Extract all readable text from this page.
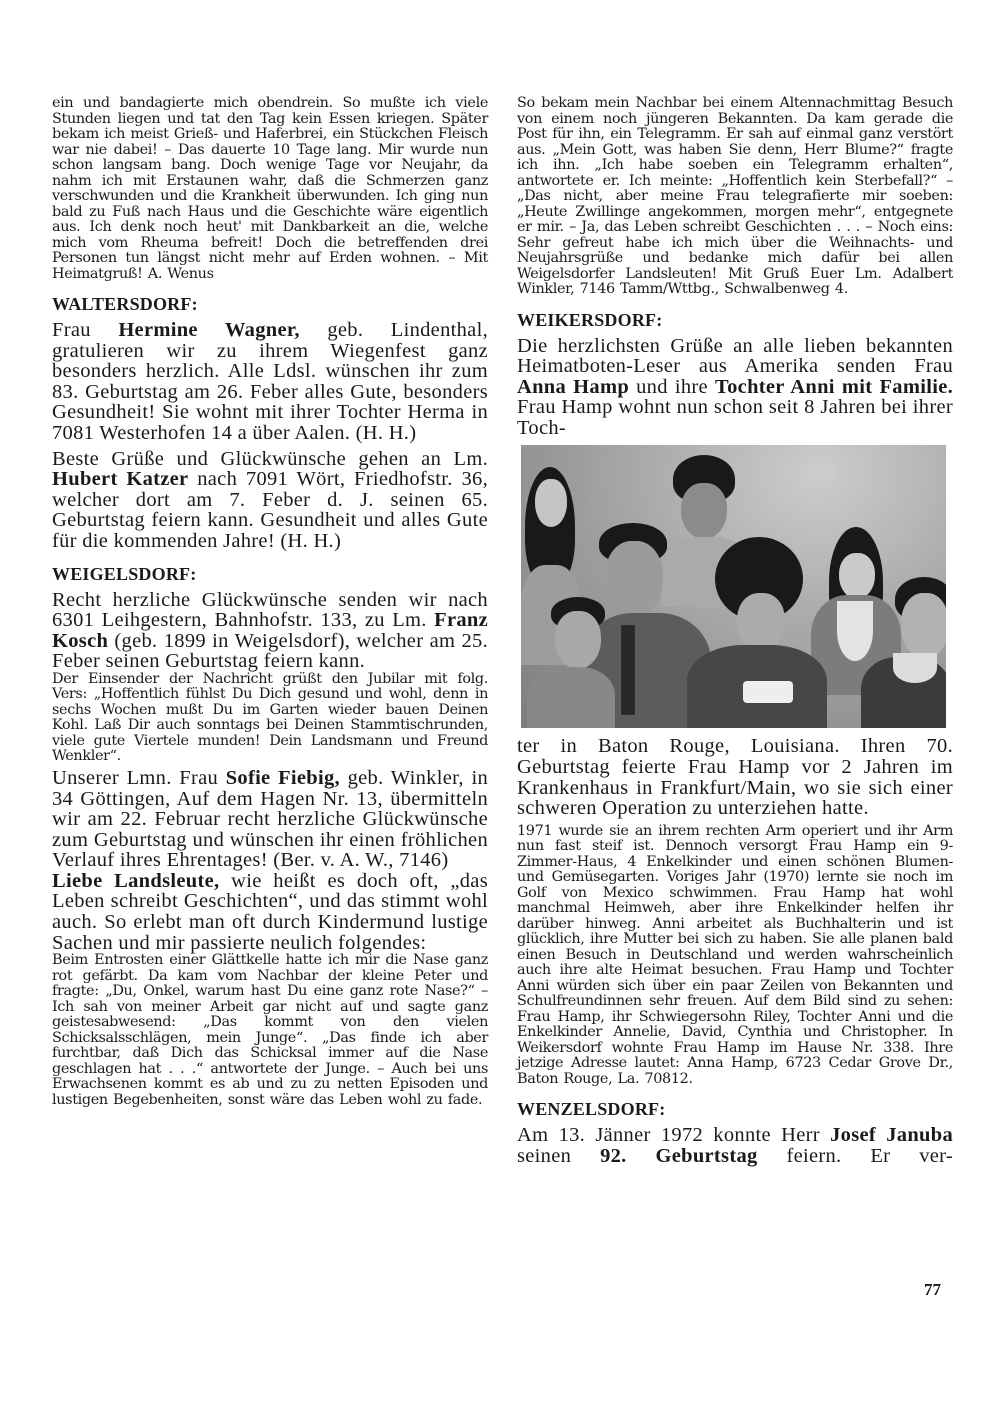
ein und bandagierte mich obendrein. So mußte ich viele Stunden liegen und tat den Tag kein Essen kriegen. Später bekam ich meist Grieß- und Haferbrei, ein Stückchen Fleisch war nie dabei! – Das dauerte 10 Tage lang. Mir wurde nun schon langsam bang. Doch wenige Tage vor Neujahr, da nahm ich mit Erstaunen wahr, daß die Schmerzen ganz verschwunden und die Krankheit überwunden. Ich ging nun bald zu Fuß nach Haus und die Geschichte wäre eigentlich aus. Ich denk noch heut' mit Dankbarkeit an die, welche mich vom Rheuma befreit! Doch die betreffenden drei Personen tun längst nicht mehr auf Erden wohnen. – Mit Heimatgruß! A. Wenus

WALTERSDORF:

Frau Hermine Wagner, geb. Lindenthal, gratulieren wir zu ihrem Wiegenfest ganz besonders herzlich. Alle Ldsl. wünschen ihr zum 83. Geburtstag am 26. Feber alles Gute, besonders Gesundheit! Sie wohnt mit ihrer Tochter Herma in 7081 Westerhofen 14 a über Aalen. (H. H.)

Beste Grüße und Glückwünsche gehen an Lm. Hubert Katzer nach 7091 Wört, Friedhofstr. 36, welcher dort am 7. Feber d. J. seinen 65. Geburtstag feiern kann. Gesundheit und alles Gute für die kommenden Jahre! (H. H.)

WEIGELSDORF:

Recht herzliche Glückwünsche senden wir nach 6301 Leihgestern, Bahnhofstr. 133, zu Lm. Franz Kosch (geb. 1899 in Weigelsdorf), welcher am 25. Feber seinen Geburtstag feiern kann.

Der Einsender der Nachricht grüßt den Jubilar mit folg. Vers: „Hoffentlich fühlst Du Dich gesund und wohl, denn in sechs Wochen mußt Du im Garten wieder bauen Deinen Kohl. Laß Dir auch sonntags bei Deinen Stammtischrunden, viele gute Viertele munden! Dein Landsmann und Freund Wenkler“.

Unserer Lmn. Frau Sofie Fiebig, geb. Winkler, in 34 Göttingen, Auf dem Hagen Nr. 13, übermitteln wir am 22. Februar recht herzliche Glückwünsche zum Geburtstag und wünschen ihr einen fröhlichen Verlauf ihres Ehrentages! (Ber. v. A. W., 7146)

Liebe Landsleute, wie heißt es doch oft, „das Leben schreibt Geschichten“, und das stimmt wohl auch. So erlebt man oft durch Kindermund lustige Sachen und mir passierte neulich folgendes:

Beim Entrosten einer Glättkelle hatte ich mir die Nase ganz rot gefärbt. Da kam vom Nachbar der kleine Peter und fragte: „Du, Onkel, warum hast Du eine ganz rote Nase?“ – Ich sah von meiner Arbeit gar nicht auf und sagte ganz geistesabwesend: „Das kommt von den vielen Schicksalsschlägen, mein Junge“. „Das finde ich aber furchtbar, daß Dich das Schicksal immer auf die Nase geschlagen hat . . .“ antwortete der Junge. – Auch bei uns Erwachsenen kommt es ab und zu zu netten Episoden und lustigen Begebenheiten, sonst wäre das Leben wohl zu fade.

So bekam mein Nachbar bei einem Altennachmittag Besuch von einem noch jüngeren Bekannten. Da kam gerade die Post für ihn, ein Telegramm. Er sah auf einmal ganz verstört aus. „Mein Gott, was haben Sie denn, Herr Blume?“ fragte ich ihn. „Ich habe soeben ein Telegramm erhalten“, antwortete er. Ich meinte: „Hoffentlich kein Sterbefall?“ – „Das nicht, aber meine Frau telegrafierte mir soeben: „Heute Zwillinge angekommen, morgen mehr“, entgegnete er mir. – Ja, das Leben schreibt Geschichten . . . – Noch eins: Sehr gefreut habe ich mich über die Weihnachts- und Neujahrsgrüße und bedanke mich dafür bei allen Weigelsdorfer Landsleuten! Mit Gruß Euer Lm. Adalbert Winkler, 7146 Tamm/Wttbg., Schwalbenweg 4.

WEIKERSDORF:

Die herzlichsten Grüße an alle lieben bekannten Heimatboten-Leser aus Amerika senden Frau Anna Hamp und ihre Tochter Anni mit Familie. Frau Hamp wohnt nun schon seit 8 Jahren bei ihrer Toch-

ter in Baton Rouge, Louisiana. Ihren 70. Geburtstag feierte Frau Hamp vor 2 Jahren im Krankenhaus in Frankfurt/Main, wo sie sich einer schweren Operation zu unterziehen hatte.

1971 wurde sie an ihrem rechten Arm operiert und ihr Arm nun fast steif ist. Dennoch versorgt Frau Hamp ein 9-Zimmer-Haus, 4 Enkelkinder und einen schönen Blumen- und Gemüsegarten. Voriges Jahr (1970) lernte sie noch im Golf von Mexico schwimmen. Frau Hamp hat wohl manchmal Heimweh, aber ihre Enkelkinder helfen ihr darüber hinweg. Anni arbeitet als Buchhalterin und ist glücklich, ihre Mutter bei sich zu haben. Sie alle planen bald einen Besuch in Deutschland und werden wahrscheinlich auch ihre alte Heimat besuchen. Frau Hamp und Tochter Anni würden sich über ein paar Zeilen von Bekannten und Schulfreundinnen sehr freuen. Auf dem Bild sind zu sehen: Frau Hamp, ihr Schwiegersohn Riley, Tochter Anni und die Enkelkinder Annelie, David, Cynthia und Christopher. In Weikersdorf wohnte Frau Hamp im Hause Nr. 338. Ihre jetzige Adresse lautet: Anna Hamp, 6723 Cedar Grove Dr., Baton Rouge, La. 70812.

WENZELSDORF:

Am 13. Jänner 1972 konnte Herr Josef Januba seinen 92. Geburtstag feiern. Er ver-

77
